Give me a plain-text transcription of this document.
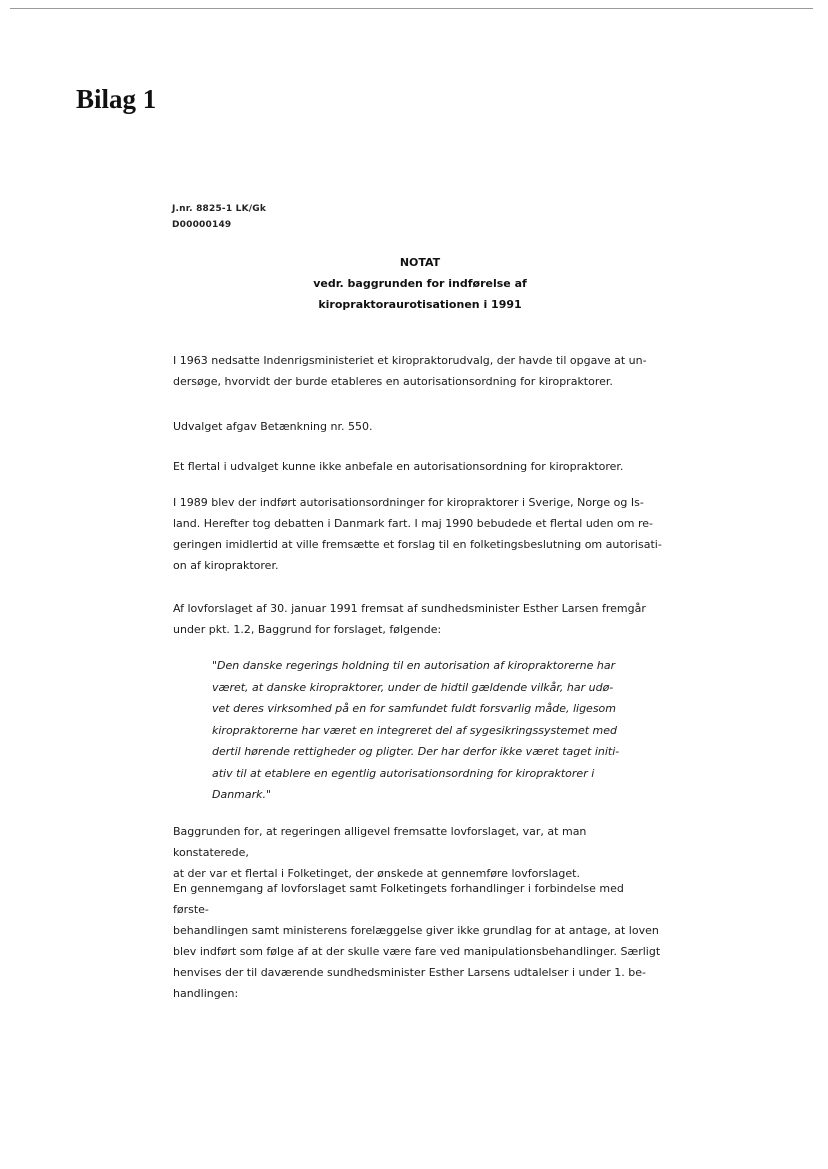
Bilag 1
J.nr. 8825-1 LK/Gk
D00000149
NOTAT
vedr. baggrunden for indførelse af
kiropraktoraurotisationen i 1991

I 1963 nedsatte Indenrigsministeriet et kiropraktorudvalg, der havde til opgave at un-

dersøge, hvorvidt der burde etableres en autorisationsordning for kiropraktorer.

Udvalget afgav Betænkning nr. 550.

Et flertal i udvalget kunne ikke anbefale en autorisationsordning for kiropraktorer.

I 1989 blev der indført autorisationsordninger for kiropraktorer i Sverige, Norge og Is-

land. Herefter tog debatten i Danmark fart. I maj 1990 bebudede et flertal uden om re-

geringen imidlertid at ville fremsætte et forslag til en folketingsbeslutning om autorisati-

on af kiropraktorer.

Af lovforslaget af 30. januar 1991 fremsat af sundhedsminister Esther Larsen fremgår

under pkt. 1.2, Baggrund for forslaget, følgende:

"Den danske regerings holdning til en autorisation af kiropraktorerne har
været, at danske kiropraktorer, under de hidtil gældende vilkår, har udø-
vet deres virksomhed på en for samfundet fuldt forsvarlig måde, ligesom
kiropraktorerne har været en integreret del af sygesikringssystemet med
dertil hørende rettigheder og pligter. Der har derfor ikke været taget initi-
ativ til at etablere en egentlig autorisationsordning for kiropraktorer i
Danmark."

Baggrunden for, at regeringen alligevel fremsatte lovforslaget, var, at man konstaterede,

at der var et flertal i Folketinget, der ønskede at gennemføre lovforslaget.

En gennemgang af lovforslaget samt Folketingets forhandlinger i forbindelse med første-

behandlingen samt ministerens forelæggelse giver ikke grundlag for at antage, at loven

blev indført som følge af at der skulle være fare ved manipulationsbehandlinger. Særligt

henvises der til daværende sundhedsminister Esther Larsens udtalelser i under 1. be-

handlingen:
